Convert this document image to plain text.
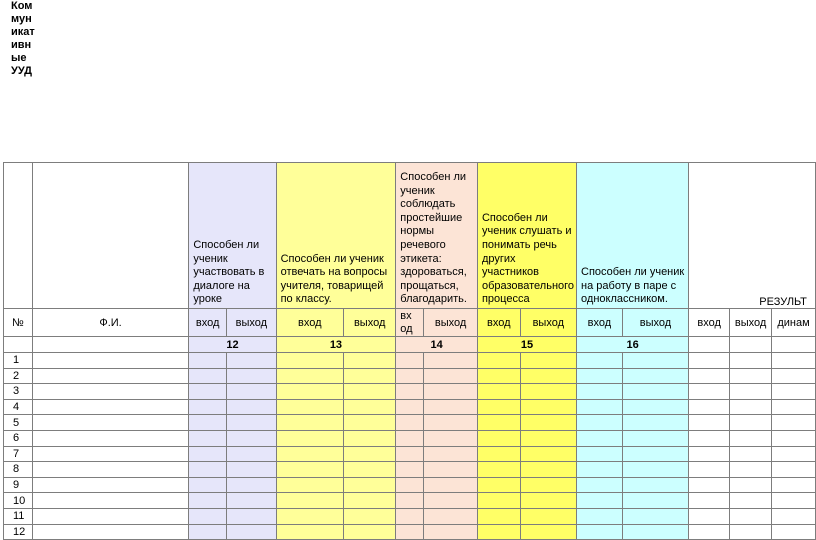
Коммуникативные УУД
		Способен ли ученик участвовать в диалоге на уроке		Способен ли ученик отвечать на вопросы учителя, товарищей по классу.		Способен ли ученик соблюдать простейшие нормы речевого этикета: здороваться, прощаться, благодарить.		Способен ли ученик слушать и понимать речь других участников образовательного процесса		Способен ли ученик на работу в паре с одноклассником.		РЕЗУЛЬТ		
№	Ф.И.	вход	выход	вход	выход	вх од	выход	вход	выход	вход	выход	вход	выход	динам
		12		13		14		15		16				
1														
2														
3														
4														
5														
6														
7														
8														
9														
10														
11														
12														
